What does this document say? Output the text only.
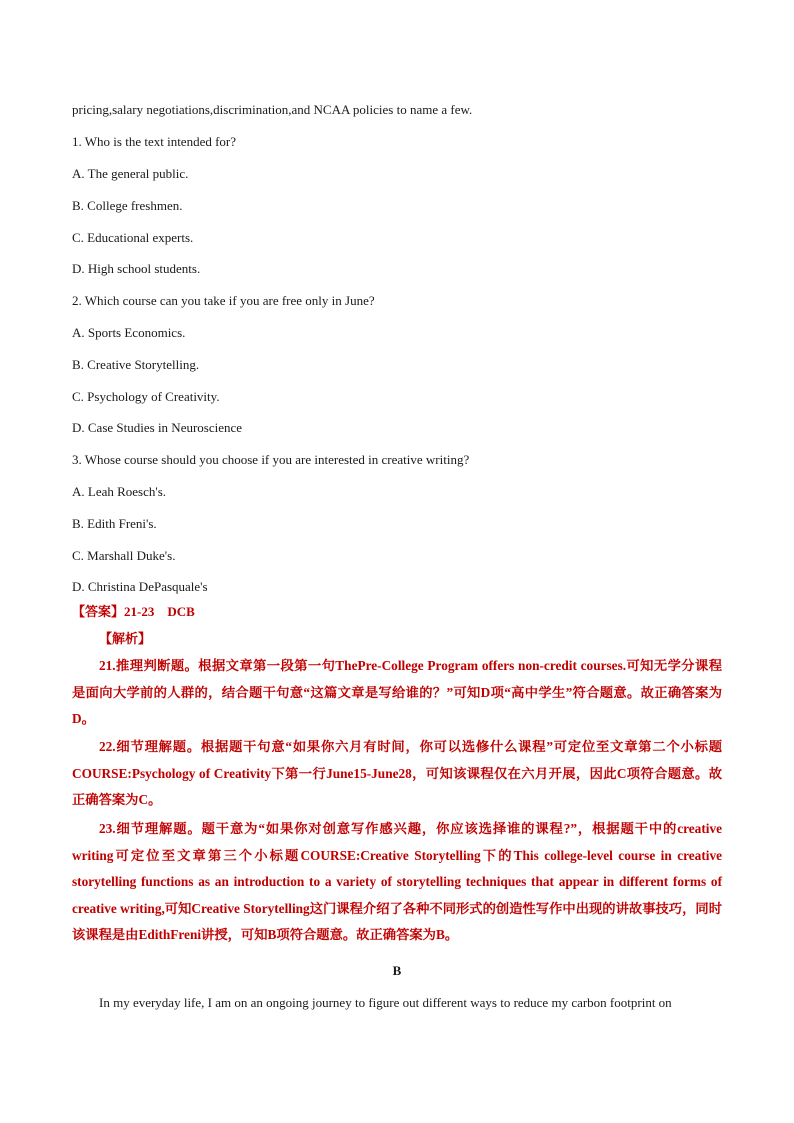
pricing,salary negotiations,discrimination,and NCAA policies to name a few.
1. Who is the text intended for?
A. The general public.
B. College freshmen.
C. Educational experts.
D. High school students.
2. Which course can you take if you are free only in June?
A. Sports Economics.
B. Creative Storytelling.
C. Psychology of Creativity.
D. Case Studies in Neuroscience
3. Whose course should you choose if you are interested in creative writing?
A. Leah Roesch's.
B. Edith Freni's.
C. Marshall Duke's.
D. Christina DePasquale's
【答案】21-23　DCB
【解析】

21.推理判断题。根据文章第一段第一句ThePre-College Program offers non-credit courses.可知无学分课程是面向大学前的人群的，结合题干句意“这篇文章是写给谁的？”可知D项“高中学生”符合题意。故正确答案为D。

22.细节理解题。根据题干句意“如果你六月有时间，你可以选修什么课程”可定位至文章第二个小标题COURSE:Psychology of Creativity下第一行June15-June28，可知该课程仅在六月开展，因此C项符合题意。故正确答案为C。

23.细节理解题。题干意为“如果你对创意写作感兴趣，你应该选择谁的课程?”，根据题干中的creative writing可定位至文章第三个小标题COURSE:Creative Storytelling下的This college-level course in creative storytelling functions as an introduction to a variety of storytelling techniques that appear in different forms of creative writing,可知Creative Storytelling这门课程介绍了各种不同形式的创造性写作中出现的讲故事技巧，同时该课程是由EdithFreni讲授，可知B项符合题意。故正确答案为B。

B
In my everyday life, I am on an ongoing journey to figure out different ways to reduce my carbon footprint on
